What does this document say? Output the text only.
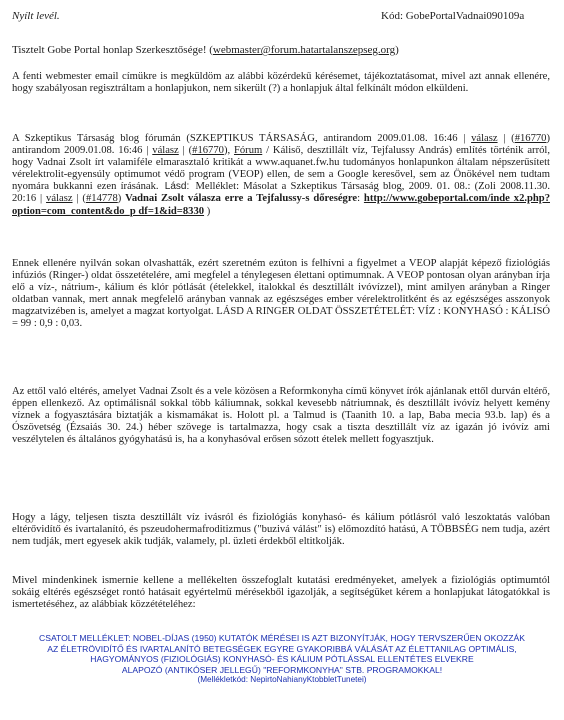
Nyílt levél.	Kód: GobePortalVadnai090109a
Tisztelt Gobe Portal honlap Szerkesztősége! (webmaster@forum.hatartalanszepseg.org)
A fenti webmester email címükre is megküldöm az alábbi közérdekű kérésemet, tájékoztatásomat, mivel azt annak ellenére, hogy szabályosan regisztráltam a honlapjukon, nem sikerült (?) a honlapjuk által felkínált módon elküldeni.
A Szkeptikus Társaság blog fórumán (SZKEPTIKUS TÁRSASÁG, antirandom 2009.01.08. 16:46 | válasz | (#16770) antirandom 2009.01.08. 16:46 | válasz | (#16770), Fórum / Káliső, desztillált víz, Tejfalussy András) említés történik arról, hogy Vadnai Zsolt írt valamiféle elmarasztaló kritikát a www.aquanet.fw.hu tudományos honlapunkon általam népszerűsített vérelektrolit-egyensúly optimumot védő program (VEOP) ellen, de sem a Google keresővel, sem az Önökével nem tudtam nyomára bukkanni ezen írásának. Lásd: Melléklet: Másolat a Szkeptikus Társaság blog, 2009. 01. 08.: (Zoli 2008.11.30. 20:16 | válasz | (#14778) Vadnai Zsolt válasza erre a Tejfalussy-s dőreségre: http://www.gobeportal.com/inde x2.php?option=com_content&do_p df=1&id=8330 )
Ennek ellenére nyilván sokan olvashatták, ezért szeretném ezúton is felhívni a figyelmet a VEOP alapját képező fiziológiás infúziós (Ringer-) oldat összetételére, ami megfelel a ténylegesen élettani optimumnak. A VEOP pontosan olyan arányban írja elő a víz-, nátrium-, kálium és klór pótlását (ételekkel, italokkal és desztillált ivóvízzel), mint amilyen arányban a Ringer oldatban vannak, mert annak megfelelő arányban vannak az egészséges ember vérelektrolitként és az egészséges asszonyok magzatvizében is, amelyet a magzat kortyolgat. LÁSD A RINGER OLDAT ÖSSZETÉTELÉT: VÍZ : KONYHASÓ : KÁLISÓ = 99 : 0,9 : 0,03.
Az ettől való eltérés, amelyet Vadnai Zsolt és a vele közösen a Reformkonyha című könyvet írók ajánlanak ettől durván eltérő, éppen ellenkező. Az optimálisnál sokkal több káliumnak, sokkal kevesebb nátriumnak, és desztillált ivóvíz helyett kemény víznek a fogyasztására biztatják a kismamákat is. Holott pl. a Talmud is (Taanith 10. a lap, Baba mecia 93.b. lap) és a Ószövetség (Ézsaiás 30. 24.) héber szövege is tartalmazza, hogy csak a tiszta desztillált víz az igazán jó ivóvíz ami veszélytelen és általános gyógyhatású is, ha a konyhasóval erősen sózott ételek mellett fogyasztjuk.
Hogy a lágy, teljesen tiszta desztillált víz ivásról és fiziológiás konyhasó- és kálium pótlásról való leszoktatás valóban eltérővidítő és ivartalanító, és pszeudohermafroditizmus ("buzivá válást" is) előmozdító hatású, A TÖBBSÉG nem tudja, azért nem tudják, mert egyesek akik tudják, valamely, pl. üzleti érdekből eltitkolják.
Mivel mindenkinek ismernie kellene a mellékelten összefoglalt kutatási eredményeket, amelyek a fiziológiás optimumtól sokáig eltérés egészséget rontó hatásait egyértelmű mérésekből igazolják, a segítségüket kérem a honlapjukat látogatókkal is ismertetéséhez, az alábbiak közzétételéhez:
CSATOLT MELLÉKLET: NOBEL-DÍJAS (1950) KUTATÓK MÉRÉSEI IS AZT BIZONYÍTJÁK, HOGY TERVSZERŰEN OKOZZÁK
AZ ÉLETRÖVIDÍTŐ ÉS IVARTALANÍTÓ BETEGSÉGEK EGYRE GYAKORIBBÁ VÁLÁSÁT AZ ÉLETTANILAG OPTIMÁLIS,
HAGYOMÁNYOS (FIZIOLÓGIÁS) KONYHASÓ- ÉS KÁLIUM PÓTLÁSSAL ELLENTÉTES ELVEKRE
ALAPOZÓ (ANTIKÓSER JELLEGŰ) "REFORMKONYHA" STB. PROGRAMOKKAL!
(Mellékletkód: NepirtoNahianyKtobbletTunetei)
